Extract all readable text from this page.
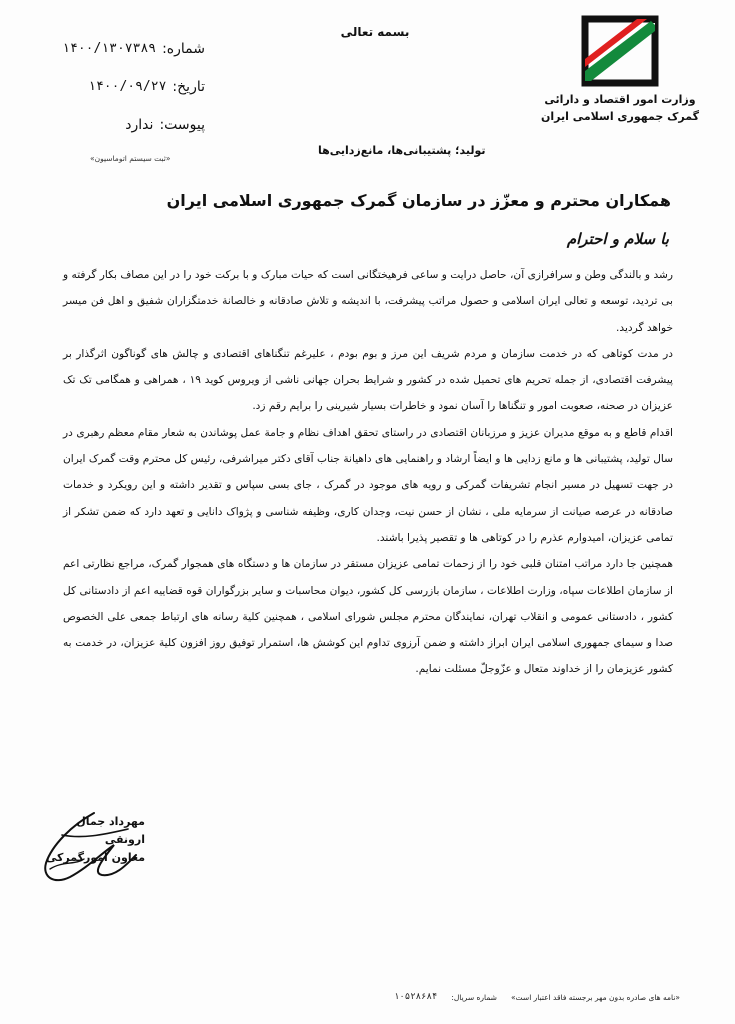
بسمه تعالی
وزارت امور اقتصاد و دارائی
گمرک جمهوری اسلامی ایران
شماره:
۱۴۰۰/۱۳۰۷۳۸۹
تاریخ:
۱۴۰۰/۰۹/۲۷
پیوست:
ندارد
«ثبت سیستم اتوماسیون»
تولید؛ پشتیبانی‌ها، مانع‌زدایی‌ها
همکاران محترم و معزّز در سازمان گمرک جمهوری اسلامی ایران
با سلام و احترام

رشد و بالندگی وطن و سرافرازی آن، حاصل درایت و ساعی فرهیختگانی است که حیات مبارک و با برکت خود را در این مصاف بکار گرفته و بی تردید، توسعه و تعالی ایران اسلامی و حصول مراتب پیشرفت، با اندیشه و تلاش صادقانه و خالصانة خدمتگزاران شفیق و اهل فن میسر خواهد گردید.

در مدت کوتاهی که در خدمت سازمان و مردم شریف این مرز و بوم بودم ، علیرغم تنگناهای اقتصادی و چالش های گوناگون اثرگذار بر پیشرفت اقتصادی، از جمله تحریم های تحمیل شده در کشور و شرایط بحران جهانی ناشی از ویروس کوید ۱۹ ، همراهی و همگامی تک تک عزیزان در صحنه، صعوبت امور و تنگناها را آسان نمود و خاطرات بسیار شیرینی را برایم رقم زد.

اقدام قاطع و به موقع مدیران عزیز و مرزبانان اقتصادی در راستای تحقق اهداف نظام و جامة عمل پوشاندن به شعار مقام معظم رهبری در سال تولید، پشتیبانی ها و مانع زدایی ها و ایضاً ارشاد و راهنمایی های داهیانة جناب آقای دکتر میراشرفی، رئیس کل محترم وقت گمرک ایران در جهت تسهیل در مسیر انجام تشریفات گمرکی و رویه های موجود در گمرک ، جای بسی سپاس و تقدیر داشته و این رویکرد و خدمات صادقانه در عرصه صیانت از سرمایه ملی ، نشان از حسن نیت، وجدان کاری، وظیفه شناسی و پژواک دانایی و تعهد دارد که ضمن تشکر از تمامی عزیزان، امیدوارم عذرم را در کوتاهی ها و تقصیر پذیرا باشند.

همچنین جا دارد مراتب امتنان قلبی خود را از زحمات تمامی عزیزان مستقر در سازمان ها و دستگاه های همجوار گمرک، مراجع نظارتی اعم از سازمان اطلاعات سپاه، وزارت اطلاعات ، سازمان بازرسی کل کشور، دیوان محاسبات و سایر بزرگواران قوه قضاییه اعم از دادستانی کل کشور ، دادستانی عمومی و انقلاب تهران، نمایندگان محترم مجلس شورای اسلامی ، همچنین کلیة رسانه های ارتباط جمعی علی الخصوص صدا و سیمای جمهوری اسلامی ایران ابراز داشته و ضمن آرزوی تداوم این کوشش ها، استمرار توفیق روز افزون کلیة عزیزان، در خدمت به کشور عزیزمان را از خداوند متعال و عزّوجلّ مسئلت نمایم.

مهرداد جمال ارونقی
معاون امورگمرکی
«نامه های صادره بدون مهر برجسته فاقد اعتبار است»
شماره سریال:
۱۰۵۲۸۶۸۴
